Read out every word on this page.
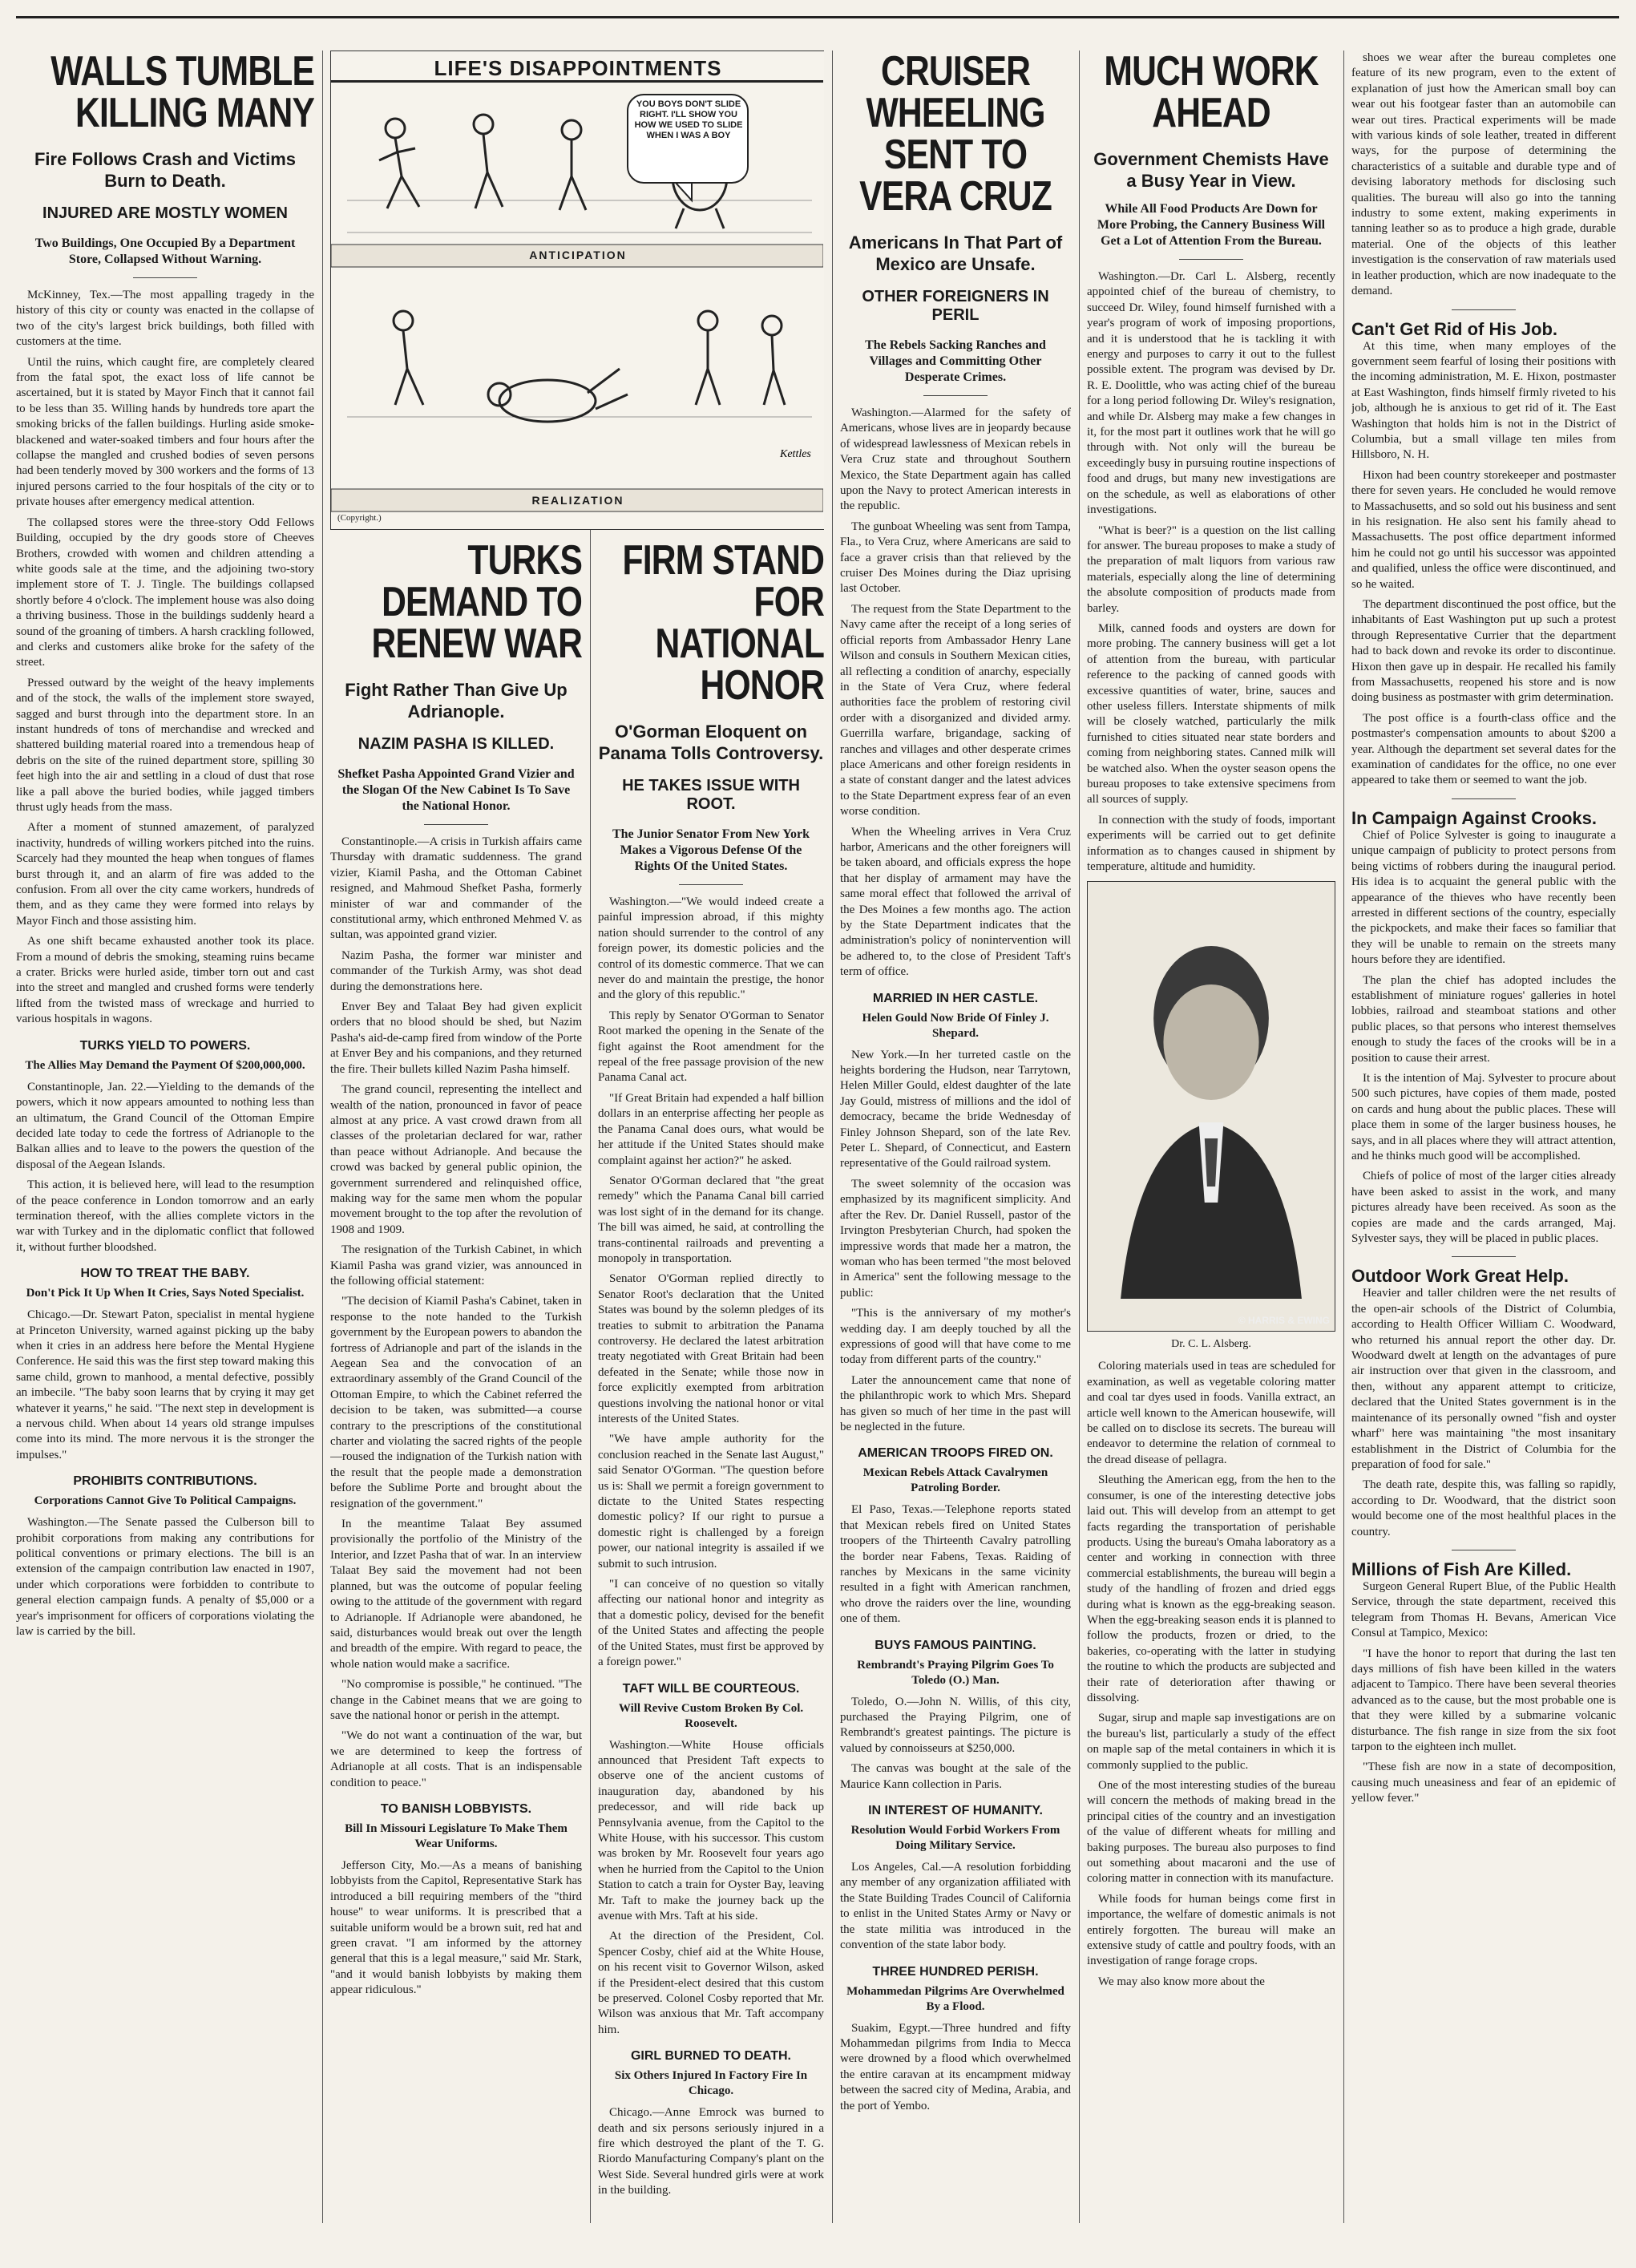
WALLS TUMBLE KILLING MANY
Fire Follows Crash and Victims Burn to Death.
INJURED ARE MOSTLY WOMEN
Two Buildings, One Occupied By a Department Store, Collapsed Without Warning.

McKinney, Tex.—The most appalling tragedy in the history of this city or county was enacted in the collapse of two of the city's largest brick buildings, both filled with customers at the time.

Until the ruins, which caught fire, are completely cleared from the fatal spot, the exact loss of life cannot be ascertained, but it is stated by Mayor Finch that it cannot fail to be less than 35. Willing hands by hundreds tore apart the smoking bricks of the fallen buildings. Hurling aside smoke-blackened and water-soaked timbers and four hours after the collapse the mangled and crushed bodies of seven persons had been tenderly moved by 300 workers and the forms of 13 injured persons carried to the four hospitals of the city or to private houses after emergency medical attention.

The collapsed stores were the three-story Odd Fellows Building, occupied by the dry goods store of Cheeves Brothers, crowded with women and children attending a white goods sale at the time, and the adjoining two-story implement store of T. J. Tingle. The buildings collapsed shortly before 4 o'clock. The implement house was also doing a thriving business. Those in the buildings suddenly heard a sound of the groaning of timbers. A harsh crackling followed, and clerks and customers alike broke for the safety of the street.

Pressed outward by the weight of the heavy implements and of the stock, the walls of the implement store swayed, sagged and burst through into the department store. In an instant hundreds of tons of merchandise and wrecked and shattered building material roared into a tremendous heap of debris on the site of the ruined department store, spilling 30 feet high into the air and settling in a cloud of dust that rose like a pall above the buried bodies, while jagged timbers thrust ugly heads from the mass.

After a moment of stunned amazement, of paralyzed inactivity, hundreds of willing workers pitched into the ruins. Scarcely had they mounted the heap when tongues of flames burst through it, and an alarm of fire was added to the confusion. From all over the city came workers, hundreds of them, and as they came they were formed into relays by Mayor Finch and those assisting him.

As one shift became exhausted another took its place. From a mound of debris the smoking, steaming ruins became a crater. Bricks were hurled aside, timber torn out and cast into the street and mangled and crushed forms were tenderly lifted from the twisted mass of wreckage and hurried to various hospitals in wagons.

TURKS YIELD TO POWERS.
The Allies May Demand the Payment Of $200,000,000.

Constantinople, Jan. 22.—Yielding to the demands of the powers, which it now appears amounted to nothing less than an ultimatum, the Grand Council of the Ottoman Empire decided late today to cede the fortress of Adrianople to the Balkan allies and to leave to the powers the question of the disposal of the Aegean Islands.

This action, it is believed here, will lead to the resumption of the peace conference in London tomorrow and an early termination thereof, with the allies complete victors in the war with Turkey and in the diplomatic conflict that followed it, without further bloodshed.

HOW TO TREAT THE BABY.
Don't Pick It Up When It Cries, Says Noted Specialist.

Chicago.—Dr. Stewart Paton, specialist in mental hygiene at Princeton University, warned against picking up the baby when it cries in an address here before the Mental Hygiene Conference. He said this was the first step toward making this same child, grown to manhood, a mental defective, possibly an imbecile. "The baby soon learns that by crying it may get whatever it yearns," he said. "The next step in development is a nervous child. When about 14 years old strange impulses come into its mind. The more nervous it is the stronger the impulses."

PROHIBITS CONTRIBUTIONS.
Corporations Cannot Give To Political Campaigns.

Washington.—The Senate passed the Culberson bill to prohibit corporations from making any contributions for political conventions or primary elections. The bill is an extension of the campaign contribution law enacted in 1907, under which corporations were forbidden to contribute to general election campaign funds. A penalty of $5,000 or a year's imprisonment for officers of corporations violating the law is carried by the bill.

LIFE'S DISAPPOINTMENTS
YOU BOYS DON'T SLIDE RIGHT. I'LL SHOW YOU HOW WE USED TO SLIDE WHEN I WAS A BOY
Kettles
ANTICIPATION
REALIZATION
(Copyright.)
TURKS DEMAND TO RENEW WAR
Fight Rather Than Give Up Adrianople.
NAZIM PASHA IS KILLED.
Shefket Pasha Appointed Grand Vizier and the Slogan Of the New Cabinet Is To Save the National Honor.

Constantinople.—A crisis in Turkish affairs came Thursday with dramatic suddenness. The grand vizier, Kiamil Pasha, and the Ottoman Cabinet resigned, and Mahmoud Shefket Pasha, formerly minister of war and commander of the constitutional army, which enthroned Mehmed V. as sultan, was appointed grand vizier.

Nazim Pasha, the former war minister and commander of the Turkish Army, was shot dead during the demonstrations here.

Enver Bey and Talaat Bey had given explicit orders that no blood should be shed, but Nazim Pasha's aid-de-camp fired from window of the Porte at Enver Bey and his companions, and they returned the fire. Their bullets killed Nazim Pasha himself.

The grand council, representing the intellect and wealth of the nation, pronounced in favor of peace almost at any price. A vast crowd drawn from all classes of the proletarian declared for war, rather than peace without Adrianople. And because the crowd was backed by general public opinion, the government surrendered and relinquished office, making way for the same men whom the popular movement brought to the top after the revolution of 1908 and 1909.

The resignation of the Turkish Cabinet, in which Kiamil Pasha was grand vizier, was announced in the following official statement:

"The decision of Kiamil Pasha's Cabinet, taken in response to the note handed to the Turkish government by the European powers to abandon the fortress of Adrianople and part of the islands in the Aegean Sea and the convocation of an extraordinary assembly of the Grand Council of the Ottoman Empire, to which the Cabinet referred the decision to be taken, was submitted—a course contrary to the prescriptions of the constitutional charter and violating the sacred rights of the people—roused the indignation of the Turkish nation with the result that the people made a demonstration before the Sublime Porte and brought about the resignation of the government."

In the meantime Talaat Bey assumed provisionally the portfolio of the Ministry of the Interior, and Izzet Pasha that of war. In an interview Talaat Bey said the movement had not been planned, but was the outcome of popular feeling owing to the attitude of the government with regard to Adrianople. If Adrianople were abandoned, he said, disturbances would break out over the length and breadth of the empire. With regard to peace, the whole nation would make a sacrifice.

"No compromise is possible," he continued. "The change in the Cabinet means that we are going to save the national honor or perish in the attempt.

"We do not want a continuation of the war, but we are determined to keep the fortress of Adrianople at all costs. That is an indispensable condition to peace."

TO BANISH LOBBYISTS.
Bill In Missouri Legislature To Make Them Wear Uniforms.

Jefferson City, Mo.—As a means of banishing lobbyists from the Capitol, Representative Stark has introduced a bill requiring members of the "third house" to wear uniforms. It is prescribed that a suitable uniform would be a brown suit, red hat and green cravat. "I am informed by the attorney general that this is a legal measure," said Mr. Stark, "and it would banish lobbyists by making them appear ridiculous."

FIRM STAND FOR NATIONAL HONOR
O'Gorman Eloquent on Panama Tolls Controversy.
HE TAKES ISSUE WITH ROOT.
The Junior Senator From New York Makes a Vigorous Defense Of the Rights Of the United States.

Washington.—"We would indeed create a painful impression abroad, if this mighty nation should surrender to the control of any foreign power, its domestic policies and the control of its domestic commerce. That we can never do and maintain the prestige, the honor and the glory of this republic."

This reply by Senator O'Gorman to Senator Root marked the opening in the Senate of the fight against the Root amendment for the repeal of the free passage provision of the new Panama Canal act.

"If Great Britain had expended a half billion dollars in an enterprise affecting her people as the Panama Canal does ours, what would be her attitude if the United States should make complaint against her action?" he asked.

Senator O'Gorman declared that "the great remedy" which the Panama Canal bill carried was lost sight of in the demand for its change. The bill was aimed, he said, at controlling the trans-continental railroads and preventing a monopoly in transportation.

Senator O'Gorman replied directly to Senator Root's declaration that the United States was bound by the solemn pledges of its treaties to submit to arbitration the Panama controversy. He declared the latest arbitration treaty negotiated with Great Britain had been defeated in the Senate; while those now in force explicitly exempted from arbitration questions involving the national honor or vital interests of the United States.

"We have ample authority for the conclusion reached in the Senate last August," said Senator O'Gorman. "The question before us is: Shall we permit a foreign government to dictate to the United States respecting domestic policy? If our right to pursue a domestic right is challenged by a foreign power, our national integrity is assailed if we submit to such intrusion.

"I can conceive of no question so vitally affecting our national honor and integrity as that a domestic policy, devised for the benefit of the United States and affecting the people of the United States, must first be approved by a foreign power."

TAFT WILL BE COURTEOUS.
Will Revive Custom Broken By Col. Roosevelt.

Washington.—White House officials announced that President Taft expects to observe one of the ancient customs of inauguration day, abandoned by his predecessor, and will ride back up Pennsylvania avenue, from the Capitol to the White House, with his successor. This custom was broken by Mr. Roosevelt four years ago when he hurried from the Capitol to the Union Station to catch a train for Oyster Bay, leaving Mr. Taft to make the journey back up the avenue with Mrs. Taft at his side.

At the direction of the President, Col. Spencer Cosby, chief aid at the White House, on his recent visit to Governor Wilson, asked if the President-elect desired that this custom be preserved. Colonel Cosby reported that Mr. Wilson was anxious that Mr. Taft accompany him.

GIRL BURNED TO DEATH.
Six Others Injured In Factory Fire In Chicago.

Chicago.—Anne Emrock was burned to death and six persons seriously injured in a fire which destroyed the plant of the T. G. Riordo Manufacturing Company's plant on the West Side. Several hundred girls were at work in the building.

CRUISER WHEELING SENT TO VERA CRUZ
Americans In That Part of Mexico are Unsafe.
OTHER FOREIGNERS IN PERIL
The Rebels Sacking Ranches and Villages and Committing Other Desperate Crimes.

Washington.—Alarmed for the safety of Americans, whose lives are in jeopardy because of widespread lawlessness of Mexican rebels in Vera Cruz state and throughout Southern Mexico, the State Department again has called upon the Navy to protect American interests in the republic.

The gunboat Wheeling was sent from Tampa, Fla., to Vera Cruz, where Americans are said to face a graver crisis than that relieved by the cruiser Des Moines during the Diaz uprising last October.

The request from the State Department to the Navy came after the receipt of a long series of official reports from Ambassador Henry Lane Wilson and consuls in Southern Mexican cities, all reflecting a condition of anarchy, especially in the State of Vera Cruz, where federal authorities face the problem of restoring civil order with a disorganized and divided army. Guerrilla warfare, brigandage, sacking of ranches and villages and other desperate crimes place Americans and other foreign residents in a state of constant danger and the latest advices to the State Department express fear of an even worse condition.

When the Wheeling arrives in Vera Cruz harbor, Americans and the other foreigners will be taken aboard, and officials express the hope that her display of armament may have the same moral effect that followed the arrival of the Des Moines a few months ago. The action by the State Department indicates that the administration's policy of nonintervention will be adhered to, to the close of President Taft's term of office.

MARRIED IN HER CASTLE.
Helen Gould Now Bride Of Finley J. Shepard.

New York.—In her turreted castle on the heights bordering the Hudson, near Tarrytown, Helen Miller Gould, eldest daughter of the late Jay Gould, mistress of millions and the idol of democracy, became the bride Wednesday of Finley Johnson Shepard, son of the late Rev. Peter L. Shepard, of Connecticut, and Eastern representative of the Gould railroad system.

The sweet solemnity of the occasion was emphasized by its magnificent simplicity. And after the Rev. Dr. Daniel Russell, pastor of the Irvington Presbyterian Church, had spoken the impressive words that made her a matron, the woman who has been termed "the most beloved in America" sent the following message to the public:

"This is the anniversary of my mother's wedding day. I am deeply touched by all the expressions of good will that have come to me today from different parts of the country."

Later the announcement came that none of the philanthropic work to which Mrs. Shepard has given so much of her time in the past will be neglected in the future.

AMERICAN TROOPS FIRED ON.
Mexican Rebels Attack Cavalrymen Patroling Border.

El Paso, Texas.—Telephone reports stated that Mexican rebels fired on United States troopers of the Thirteenth Cavalry patrolling the border near Fabens, Texas. Raiding of ranches by Mexicans in the same vicinity resulted in a fight with American ranchmen, who drove the raiders over the line, wounding one of them.

BUYS FAMOUS PAINTING.
Rembrandt's Praying Pilgrim Goes To Toledo (O.) Man.

Toledo, O.—John N. Willis, of this city, purchased the Praying Pilgrim, one of Rembrandt's greatest paintings. The picture is valued by connoisseurs at $250,000.

The canvas was bought at the sale of the Maurice Kann collection in Paris.

IN INTEREST OF HUMANITY.
Resolution Would Forbid Workers From Doing Military Service.

Los Angeles, Cal.—A resolution forbidding any member of any organization affiliated with the State Building Trades Council of California to enlist in the United States Army or Navy or the state militia was introduced in the convention of the state labor body.

THREE HUNDRED PERISH.
Mohammedan Pilgrims Are Overwhelmed By a Flood.

Suakim, Egypt.—Three hundred and fifty Mohammedan pilgrims from India to Mecca were drowned by a flood which overwhelmed the entire caravan at its encampment midway between the sacred city of Medina, Arabia, and the port of Yembo.

MUCH WORK AHEAD
Government Chemists Have a Busy Year in View.
While All Food Products Are Down for More Probing, the Cannery Business Will Get a Lot of Attention From the Bureau.

Washington.—Dr. Carl L. Alsberg, recently appointed chief of the bureau of chemistry, to succeed Dr. Wiley, found himself furnished with a year's program of work of imposing proportions, and it is understood that he is tackling it with energy and purposes to carry it out to the fullest possible extent. The program was devised by Dr. R. E. Doolittle, who was acting chief of the bureau for a long period following Dr. Wiley's resignation, and while Dr. Alsberg may make a few changes in it, for the most part it outlines work that he will go through with. Not only will the bureau be exceedingly busy in pursuing routine inspections of food and drugs, but many new investigations are on the schedule, as well as elaborations of other investigations.

"What is beer?" is a question on the list calling for answer. The bureau proposes to make a study of the preparation of malt liquors from various raw materials, especially along the line of determining the absolute composition of products made from barley.

Milk, canned foods and oysters are down for more probing. The cannery business will get a lot of attention from the bureau, with particular reference to the packing of canned goods with excessive quantities of water, brine, sauces and other useless fillers. Interstate shipments of milk will be closely watched, particularly the milk furnished to cities situated near state borders and coming from neighboring states. Canned milk will be watched also. When the oyster season opens the bureau proposes to take extensive specimens from all sources of supply.

In connection with the study of foods, important experiments will be carried out to get definite information as to changes caused in shipment by temperature, altitude and humidity.

© HARRIS & EWING
Dr. C. L. Alsberg.

Coloring materials used in teas are scheduled for examination, as well as vegetable coloring matter and coal tar dyes used in foods. Vanilla extract, an article well known to the American housewife, will be called on to disclose its secrets. The bureau will endeavor to determine the relation of cornmeal to the dread disease of pellagra.

Sleuthing the American egg, from the hen to the consumer, is one of the interesting detective jobs laid out. This will develop from an attempt to get facts regarding the transportation of perishable products. Using the bureau's Omaha laboratory as a center and working in connection with three commercial establishments, the bureau will begin a study of the handling of frozen and dried eggs during what is known as the egg-breaking season. When the egg-breaking season ends it is planned to follow the products, frozen or dried, to the bakeries, co-operating with the latter in studying the routine to which the products are subjected and their rate of deterioration after thawing or dissolving.

Sugar, sirup and maple sap investigations are on the bureau's list, particularly a study of the effect on maple sap of the metal containers in which it is commonly supplied to the public.

One of the most interesting studies of the bureau will concern the methods of making bread in the principal cities of the country and an investigation of the value of different wheats for milling and baking purposes. The bureau also purposes to find out something about macaroni and the use of coloring matter in connection with its manufacture.

While foods for human beings come first in importance, the welfare of domestic animals is not entirely forgotten. The bureau will make an extensive study of cattle and poultry foods, with an investigation of range forage crops.

We may also know more about the

shoes we wear after the bureau completes one feature of its new program, even to the extent of explanation of just how the American small boy can wear out his footgear faster than an automobile can wear out tires. Practical experiments will be made with various kinds of sole leather, treated in different ways, for the purpose of determining the characteristics of a suitable and durable type and of devising laboratory methods for disclosing such qualities. The bureau will also go into the tanning industry to some extent, making experiments in tanning leather so as to produce a high grade, durable material. One of the objects of this leather investigation is the conservation of raw materials used in leather production, which are now inadequate to the demand.

Can't Get Rid of His Job.

At this time, when many employes of the government seem fearful of losing their positions with the incoming administration, M. E. Hixon, postmaster at East Washington, finds himself firmly riveted to his job, although he is anxious to get rid of it. The East Washington that holds him is not in the District of Columbia, but a small village ten miles from Hillsboro, N. H.

Hixon had been country storekeeper and postmaster there for seven years. He concluded he would remove to Massachusetts, and so sold out his business and sent in his resignation. He also sent his family ahead to Massachusetts. The post office department informed him he could not go until his successor was appointed and qualified, unless the office were discontinued, and so he waited.

The department discontinued the post office, but the inhabitants of East Washington put up such a protest through Representative Currier that the department had to back down and revoke its order to discontinue. Hixon then gave up in despair. He recalled his family from Massachusetts, reopened his store and is now doing business as postmaster with grim determination.

The post office is a fourth-class office and the postmaster's compensation amounts to about $200 a year. Although the department set several dates for the examination of candidates for the office, no one ever appeared to take them or seemed to want the job.

In Campaign Against Crooks.

Chief of Police Sylvester is going to inaugurate a unique campaign of publicity to protect persons from being victims of robbers during the inaugural period. His idea is to acquaint the general public with the appearance of the thieves who have recently been arrested in different sections of the country, especially the pickpockets, and make their faces so familiar that they will be unable to remain on the streets many hours before they are identified.

The plan the chief has adopted includes the establishment of miniature rogues' galleries in hotel lobbies, railroad and steamboat stations and other public places, so that persons who interest themselves enough to study the faces of the crooks will be in a position to cause their arrest.

It is the intention of Maj. Sylvester to procure about 500 such pictures, have copies of them made, posted on cards and hung about the public places. These will place them in some of the larger business houses, he says, and in all places where they will attract attention, and he thinks much good will be accomplished.

Chiefs of police of most of the larger cities already have been asked to assist in the work, and many pictures already have been received. As soon as the copies are made and the cards arranged, Maj. Sylvester says, they will be placed in public places.

Outdoor Work Great Help.

Heavier and taller children were the net results of the open-air schools of the District of Columbia, according to Health Officer William C. Woodward, who returned his annual report the other day. Dr. Woodward dwelt at length on the advantages of pure air instruction over that given in the classroom, and then, without any apparent attempt to criticize, declared that the United States government is in the maintenance of its personally owned "fish and oyster wharf" here was maintaining "the most insanitary establishment in the District of Columbia for the preparation of food for sale."

The death rate, despite this, was falling so rapidly, according to Dr. Woodward, that the district soon would become one of the most healthful places in the country.

Millions of Fish Are Killed.

Surgeon General Rupert Blue, of the Public Health Service, through the state department, received this telegram from Thomas H. Bevans, American Vice Consul at Tampico, Mexico:

"I have the honor to report that during the last ten days millions of fish have been killed in the waters adjacent to Tampico. There have been several theories advanced as to the cause, but the most probable one is that they were killed by a submarine volcanic disturbance. The fish range in size from the six foot tarpon to the eighteen inch mullet.

"These fish are now in a state of decomposition, causing much uneasiness and fear of an epidemic of yellow fever."
